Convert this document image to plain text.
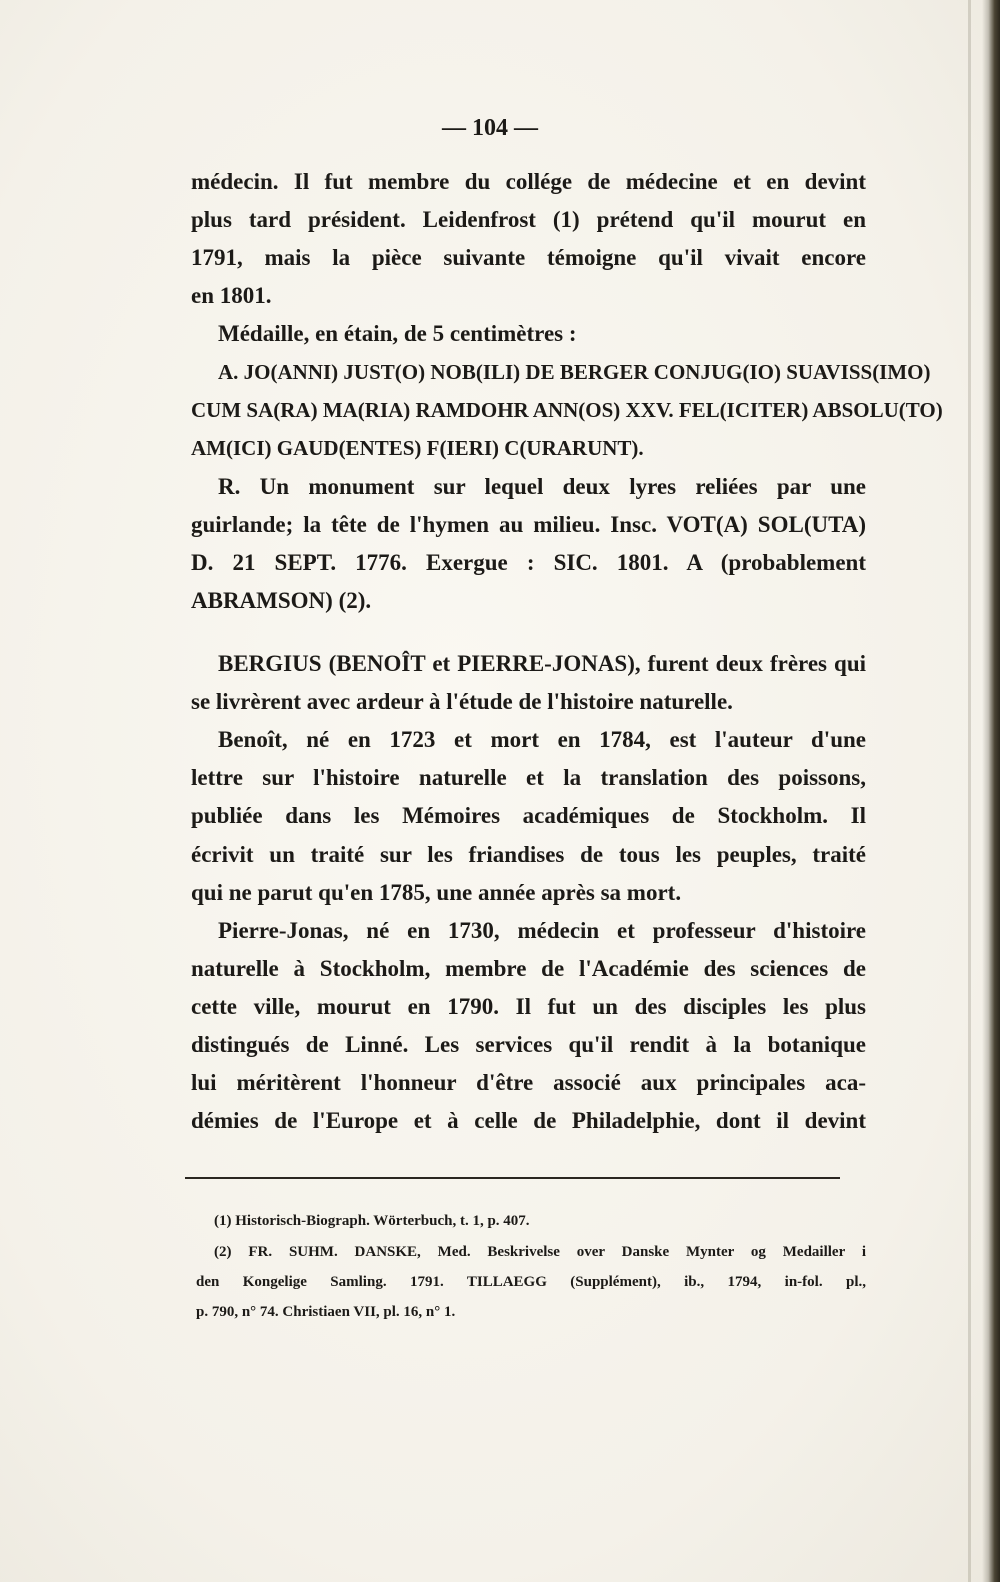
— 104 —
médecin. Il fut membre du collége de médecine et en devint
plus tard président. Leidenfrost (1) prétend qu'il mourut en
1791, mais la pièce suivante témoigne qu'il vivait encore
en 1801.
Médaille, en étain, de 5 centimètres :
A. JO(ANNI) JUST(O) NOB(ILI) DE BERGER CONJUG(IO) SUAVISS(IMO)
CUM SA(RA) MA(RIA) RAMDOHR ANN(OS) XXV. FEL(ICITER) ABSOLU(TO)
AM(ICI) GAUD(ENTES) F(IERI) C(URARUNT).
R. Un monument sur lequel deux lyres reliées par une
guirlande; la tête de l'hymen au milieu. Insc. VOT(A) SOL(UTA)
D. 21 SEPT. 1776. Exergue : SIC. 1801. A (probablement
ABRAMSON) (2).
BERGIUS (BENOÎT et PIERRE-JONAS), furent deux frères qui
se livrèrent avec ardeur à l'étude de l'histoire naturelle.
Benoît, né en 1723 et mort en 1784, est l'auteur d'une
lettre sur l'histoire naturelle et la translation des poissons,
publiée dans les Mémoires académiques de Stockholm. Il
écrivit un traité sur les friandises de tous les peuples, traité
qui ne parut qu'en 1785, une année après sa mort.
Pierre-Jonas, né en 1730, médecin et professeur d'histoire
naturelle à Stockholm, membre de l'Académie des sciences de
cette ville, mourut en 1790. Il fut un des disciples les plus
distingués de Linné. Les services qu'il rendit à la botanique
lui méritèrent l'honneur d'être associé aux principales aca-
démies de l'Europe et à celle de Philadelphie, dont il devint
(1) Historisch-Biograph. Wörterbuch, t. 1, p. 407.
(2) FR. SUHM. DANSKE, Med. Beskrivelse over Danske Mynter og Medailler i
den Kongelige Samling. 1791. TILLAEGG (Supplément), ib., 1794, in-fol. pl.,
p. 790, n° 74. Christiaen VII, pl. 16, n° 1.
